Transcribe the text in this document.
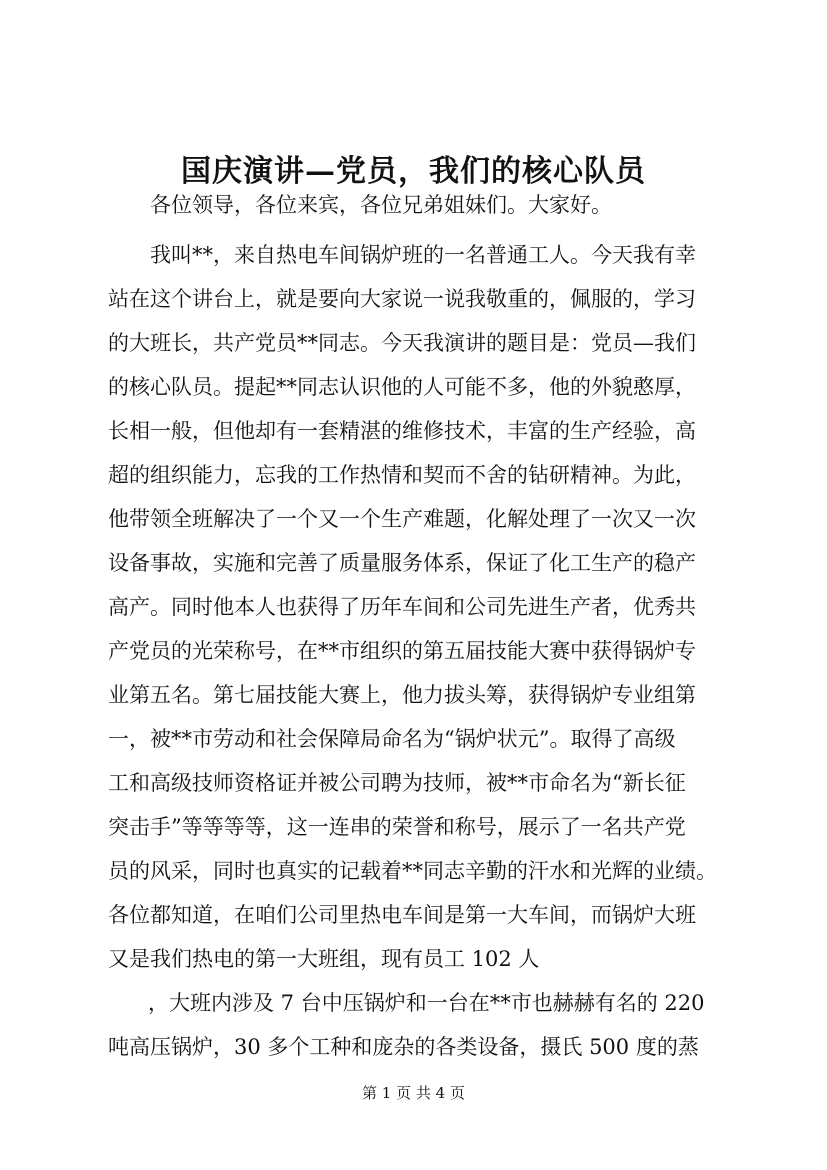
国庆演讲—党员，我们的核心队员
各位领导，各位来宾，各位兄弟姐妹们。大家好。
我叫**，来自热电车间锅炉班的一名普通工人。今天我有幸
站在这个讲台上，就是要向大家说一说我敬重的，佩服的，学习
的大班长，共产党员**同志。今天我演讲的题目是：党员—我们
的核心队员。提起**同志认识他的人可能不多，他的外貌憨厚，
长相一般，但他却有一套精湛的维修技术，丰富的生产经验，高
超的组织能力，忘我的工作热情和契而不舍的钻研精神。为此，
他带领全班解决了一个又一个生产难题，化解处理了一次又一次
设备事故，实施和完善了质量服务体系，保证了化工生产的稳产
高产。同时他本人也获得了历年车间和公司先进生产者，优秀共
产党员的光荣称号，在**市组织的第五届技能大赛中获得锅炉专
业第五名。第七届技能大赛上，他力拔头筹，获得锅炉专业组第
一，被**市劳动和社会保障局命名为“锅炉状元”。取得了高级
工和高级技师资格证并被公司聘为技师，被**市命名为“新长征
突击手”等等等等，这一连串的荣誉和称号，展示了一名共产党
员的风采，同时也真实的记载着**同志辛勤的汗水和光辉的业绩。
各位都知道，在咱们公司里热电车间是第一大车间，而锅炉大班
又是我们热电的第一大班组，现有员工 102 人
，大班内涉及 7 台中压锅炉和一台在**市也赫赫有名的 220
吨高压锅炉，30 多个工种和庞杂的各类设备，摄氏 500 度的蒸
第 1 页 共 4 页
